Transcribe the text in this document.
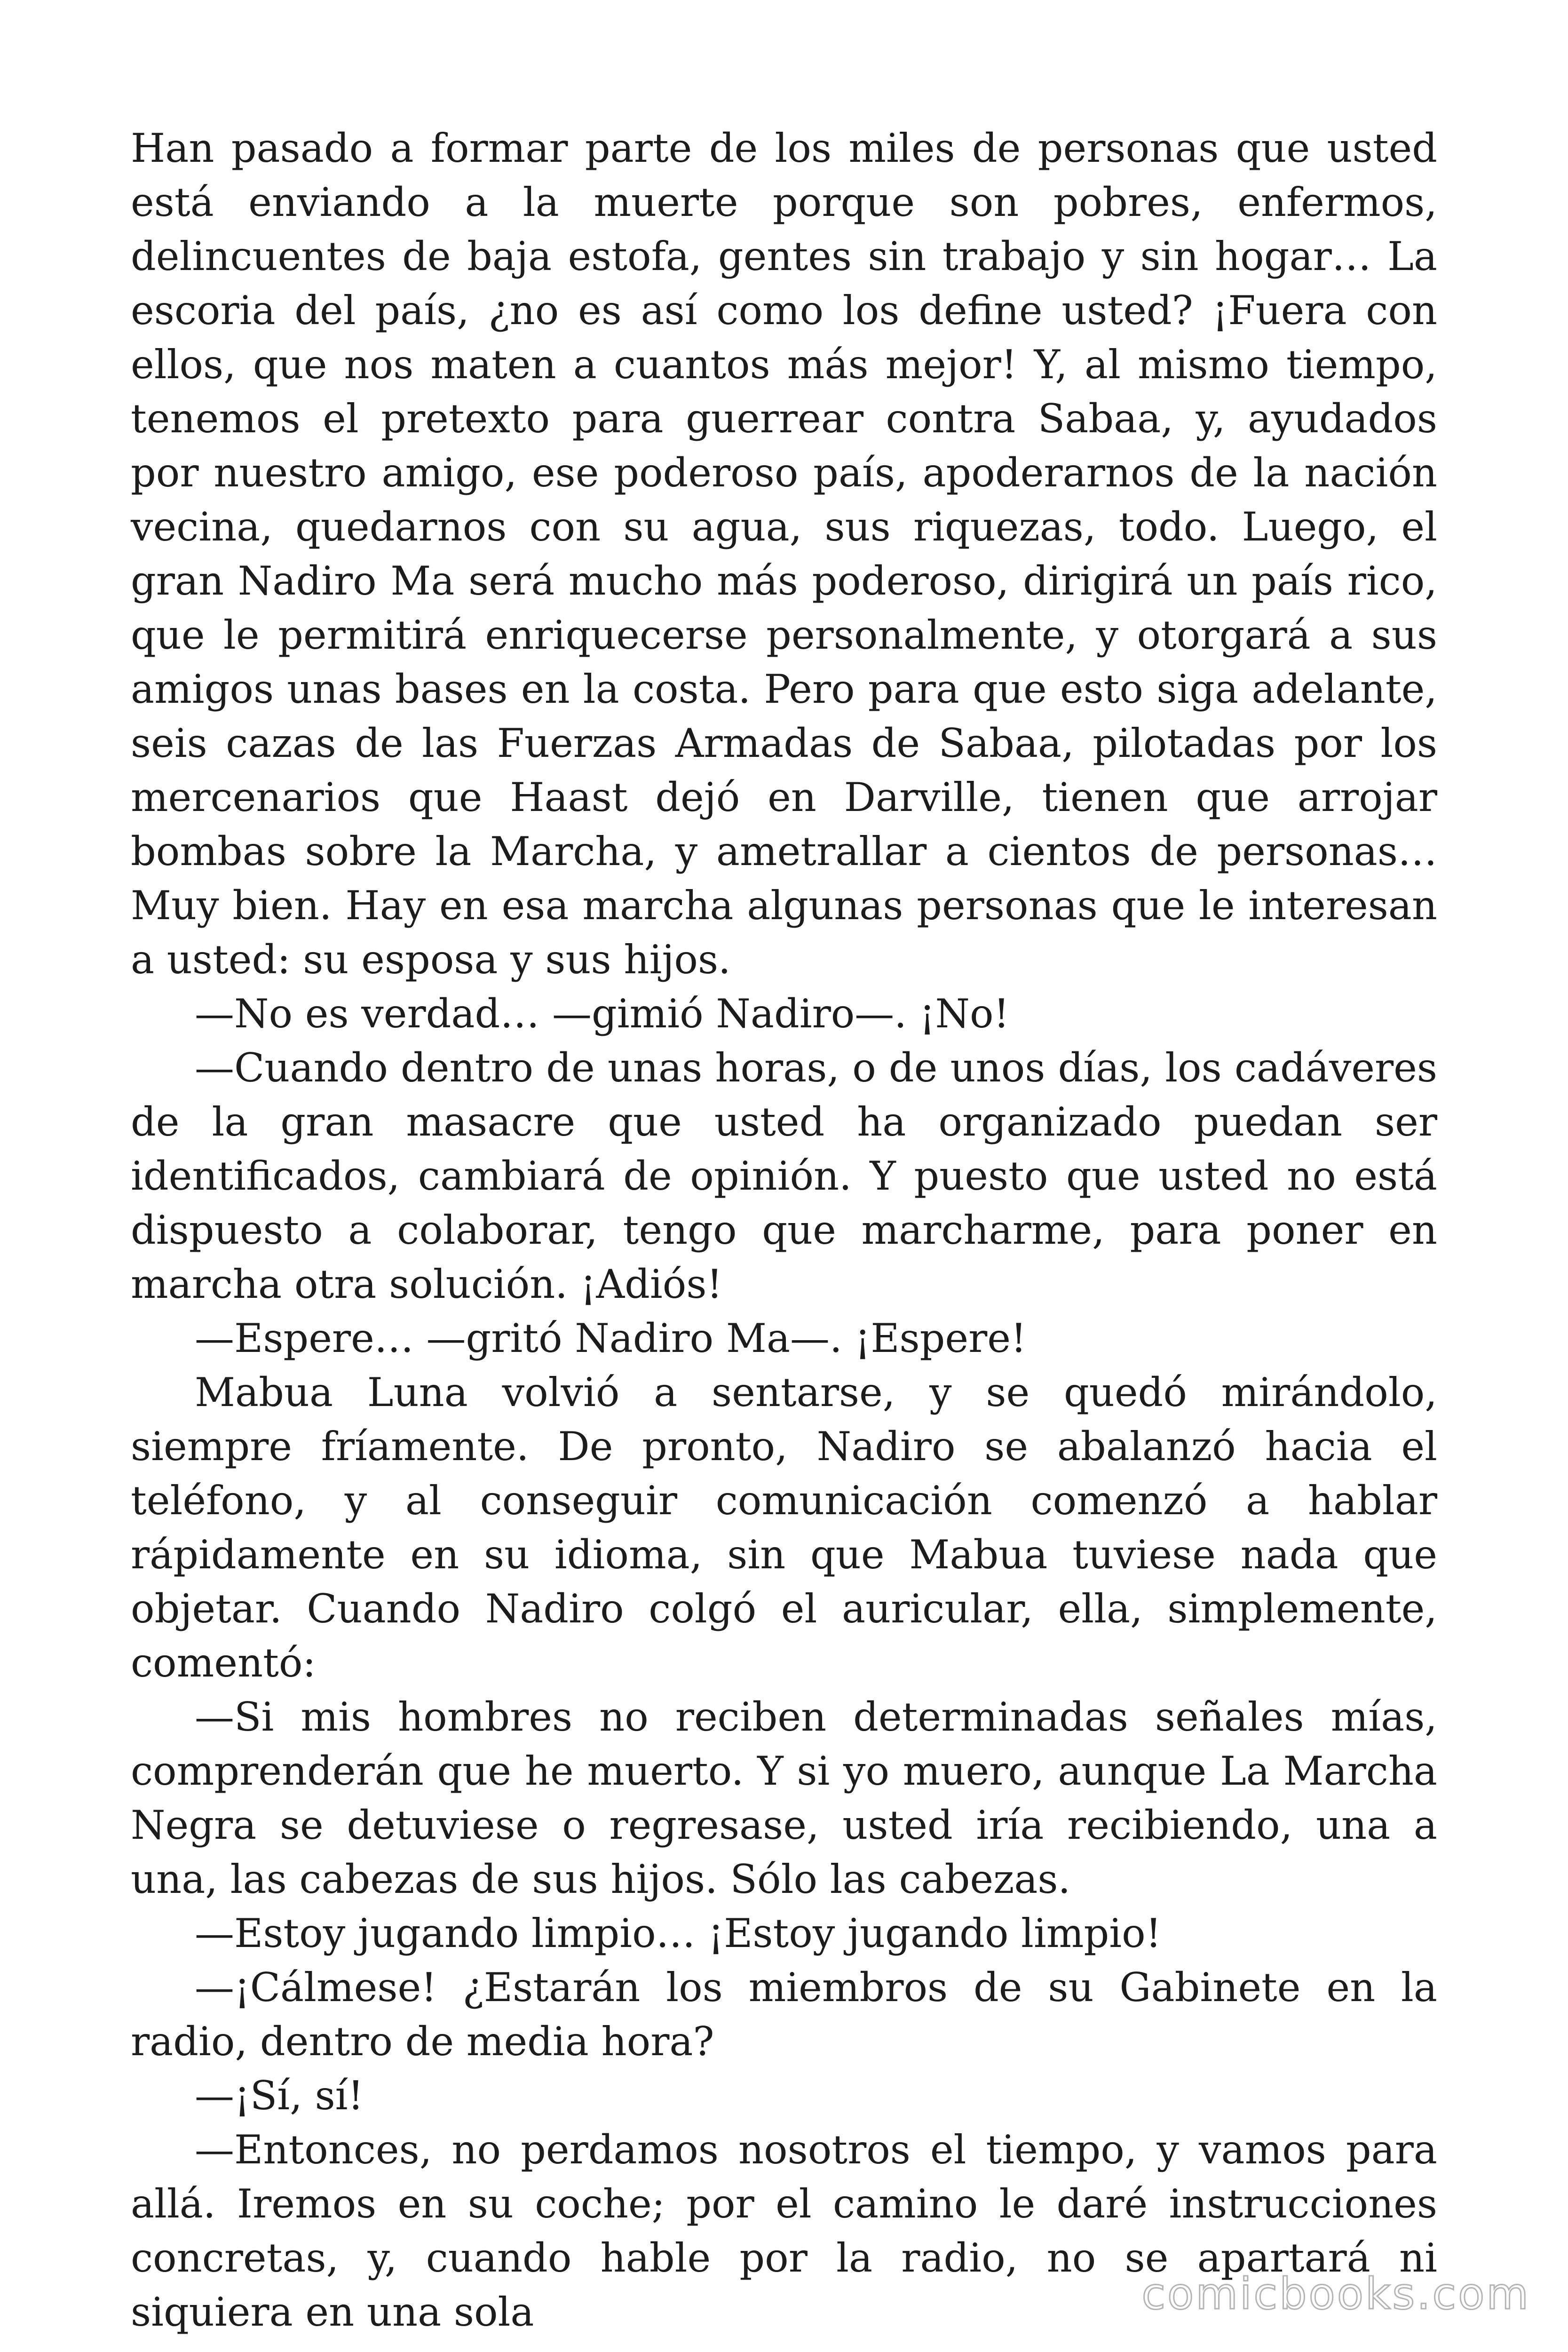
Han pasado a formar parte de los miles de personas que usted está enviando a la muerte porque son pobres, enfermos, delincuentes de baja estofa, gentes sin trabajo y sin hogar… La escoria del país, ¿no es así como los define usted? ¡Fuera con ellos, que nos maten a cuantos más mejor! Y, al mismo tiempo, tenemos el pretexto para guerrear contra Sabaa, y, ayudados por nuestro amigo, ese poderoso país, apoderarnos de la nación vecina, quedarnos con su agua, sus riquezas, todo. Luego, el gran Nadiro Ma será mucho más poderoso, dirigirá un país rico, que le permitirá enriquecerse personalmente, y otorgará a sus amigos unas bases en la costa. Pero para que esto siga adelante, seis cazas de las Fuerzas Armadas de Sabaa, pilotadas por los mercenarios que Haast dejó en Darville, tienen que arrojar bombas sobre la Marcha, y ametrallar a cientos de personas… Muy bien. Hay en esa marcha algunas personas que le interesan a usted: su esposa y sus hijos.

—No es verdad… —gimió Nadiro—. ¡No!

—Cuando dentro de unas horas, o de unos días, los cadáveres de la gran masacre que usted ha organizado puedan ser identificados, cambiará de opinión. Y puesto que usted no está dispuesto a colaborar, tengo que marcharme, para poner en marcha otra solución. ¡Adiós!

—Espere… —gritó Nadiro Ma—. ¡Espere!

Mabua Luna volvió a sentarse, y se quedó mirándolo, siempre fríamente. De pronto, Nadiro se abalanzó hacia el teléfono, y al conseguir comunicación comenzó a hablar rápidamente en su idioma, sin que Mabua tuviese nada que objetar. Cuando Nadiro colgó el auricular, ella, simplemente, comentó:

—Si mis hombres no reciben determinadas señales mías, comprenderán que he muerto. Y si yo muero, aunque La Marcha Negra se detuviese o regresase, usted iría recibiendo, una a una, las cabezas de sus hijos. Sólo las cabezas.

—Estoy jugando limpio… ¡Estoy jugando limpio!

—¡Cálmese! ¿Estarán los miembros de su Gabinete en la radio, dentro de media hora?

—¡Sí, sí!

—Entonces, no perdamos nosotros el tiempo, y vamos para allá. Iremos en su coche; por el camino le daré instrucciones concretas, y, cuando hable por la radio, no se apartará ni siquiera en una sola	comicbooks.com
